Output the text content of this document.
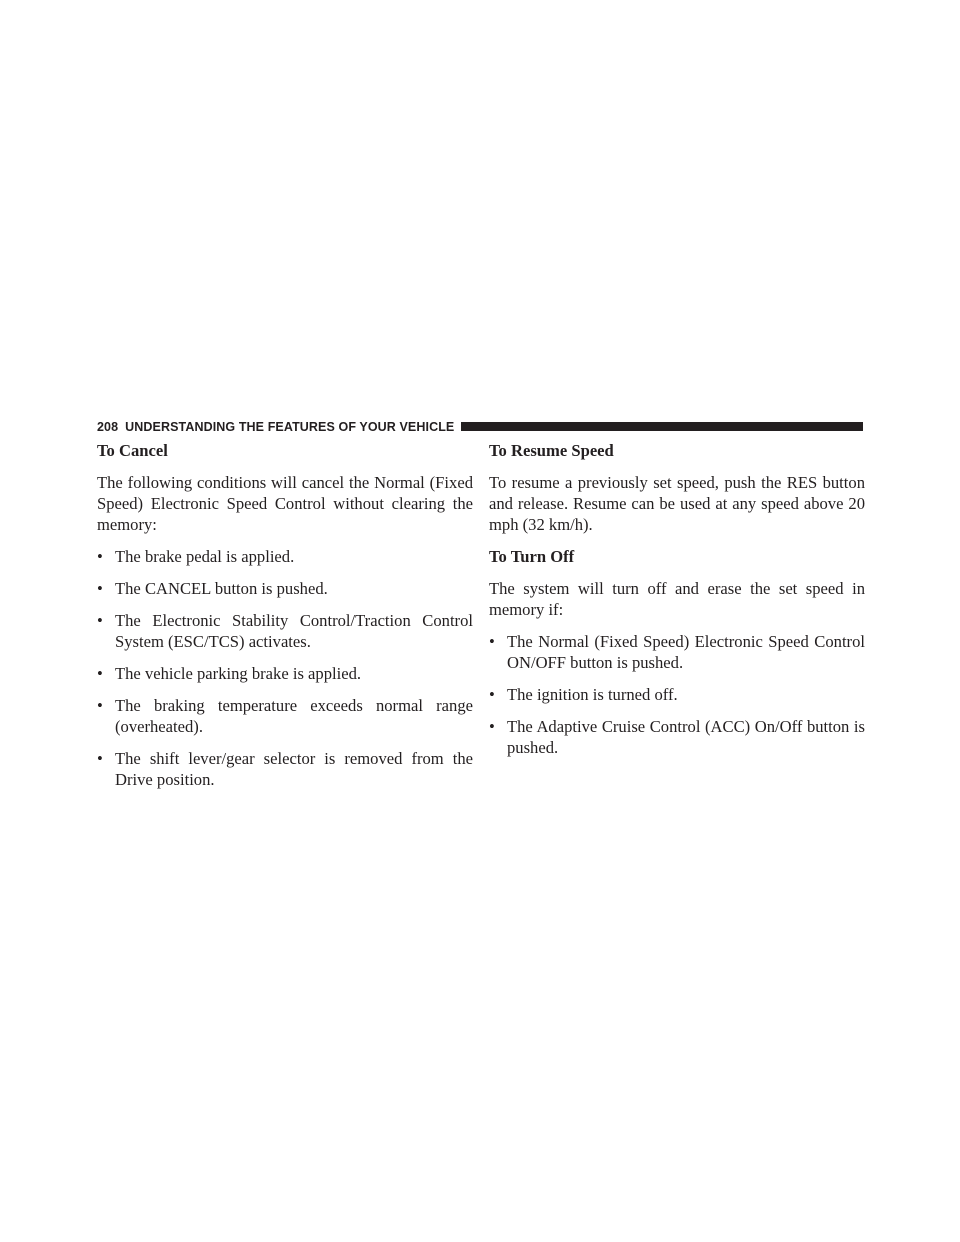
208 UNDERSTANDING THE FEATURES OF YOUR VEHICLE
To Cancel

The following conditions will cancel the Normal (Fixed Speed) Electronic Speed Control without clearing the memory:

• The brake pedal is applied.
• The CANCEL button is pushed.
• The Electronic Stability Control/Traction Control System (ESC/TCS) activates.
• The vehicle parking brake is applied.
• The braking temperature exceeds normal range (overheated).
• The shift lever/gear selector is removed from the Drive position.
To Resume Speed

To resume a previously set speed, push the RES button and release. Resume can be used at any speed above 20 mph (32 km/h).

To Turn Off

The system will turn off and erase the set speed in memory if:

• The Normal (Fixed Speed) Electronic Speed Control ON/OFF button is pushed.
• The ignition is turned off.
• The Adaptive Cruise Control (ACC) On/Off button is pushed.
